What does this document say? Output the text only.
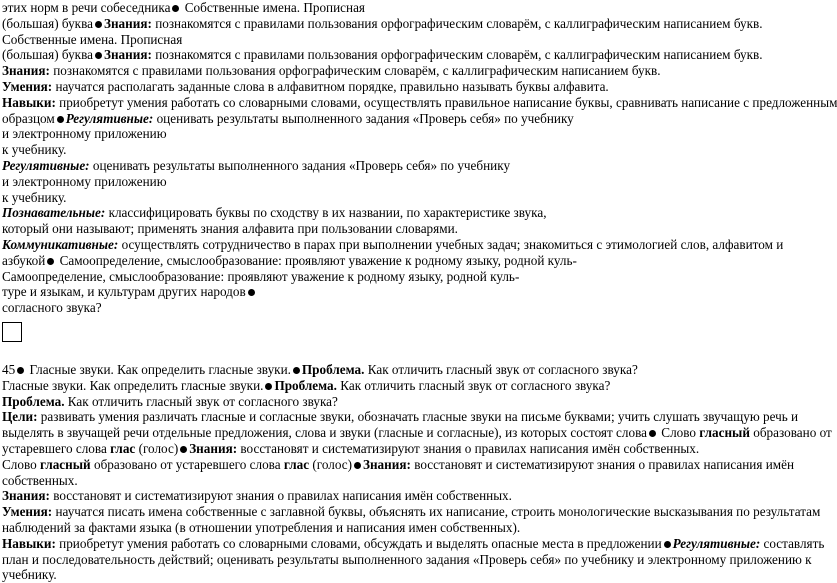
этих норм в речи собеседника Собственные имена. Прописная
(большая) буква Знания: познакомятся с правилами пользования орфографическим словарём, с каллиграфическим написанием букв.
Собственные имена. Прописная
(большая) буква Знания: познакомятся с правилами пользования орфографическим словарём, с каллиграфическим написанием букв.
Знания: познакомятся с правилами пользования орфографическим словарём, с каллиграфическим написанием букв.
Умения: научатся располагать заданные слова в алфавитном порядке, правильно называть буквы алфавита.
Навыки: приобретут умения работать со словарными словами, осуществлять правильное написание буквы, сравнивать написание с предложенным
образцом Регулятивные: оценивать результаты выполненного задания «Проверь себя» по учебнику
и электронному приложению
к учебнику.
Регулятивные: оценивать результаты выполненного задания «Проверь себя» по учебнику
и электронному приложению
к учебнику.
Познавательные: классифицировать буквы по сходству в их названии, по характеристике звука,
который они называют; применять знания алфавита при пользовании словарями.
Коммуникативные: осуществлять сотрудничество в парах при выполнении учебных задач; знакомиться с этимологией слов, алфавитом и
азбукой Самоопределение, смыслообразование: проявляют уважение к родному языку, родной куль-
Самоопределение, смыслообразование: проявляют уважение к родному языку, родной куль-
туре и языкам, и культурам других народов
согласного звука?
45 Гласные звуки. Как определить гласные звуки. Проблема. Как отличить гласный звук от согласного звука?
Гласные звуки. Как определить гласные звуки. Проблема. Как отличить гласный звук от согласного звука?
Проблема. Как отличить гласный звук от согласного звука?
Цели: развивать умения различать гласные и согласные звуки, обозначать гласные звуки на письме буквами; учить слушать звучащую речь и
выделять в звучащей речи отдельные предложения, слова и звуки (гласные и согласные), из которых состоят слова Слово гласный образовано от
устаревшего слова глас (голос) Знания: восстановят и систематизируют знания о правилах написания имён собственных.
Слово гласный образовано от устаревшего слова глас (голос) Знания: восстановят и систематизируют знания о правилах написания имён
собственных.
Знания: восстановят и систематизируют знания о правилах написания имён собственных.
Умения: научатся писать имена собственные с заглавной буквы, объяснять их написание, строить монологические высказывания по результатам
наблюдений за фактами языка (в отношении употребления и написания имен собственных).
Навыки: приобретут умения работать со словарными словами, обсуждать и выделять опасные места в предложении Регулятивные: составлять
план и последовательность действий; оценивать результаты выполненного задания «Проверь себя» по учебнику и электронному приложению к
учебнику.
